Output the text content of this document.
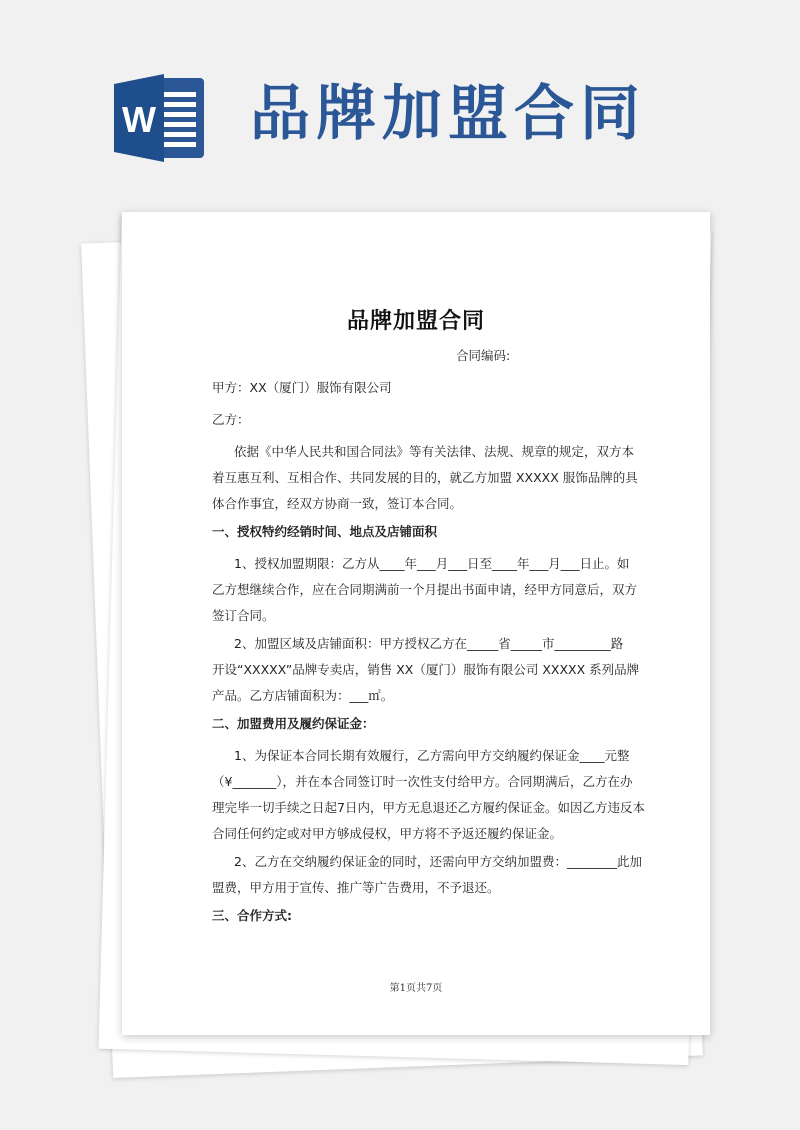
W 品牌加盟合同
品牌加盟合同
合同编码:
甲方：XX（厦门）服饰有限公司
乙方：
依据《中华人民共和国合同法》等有关法律、法规、规章的规定，双方本
着互惠互利、互相合作、共同发展的目的，就乙方加盟 XXXXX 服饰品牌的具
体合作事宜，经双方协商一致，签订本合同。
一、授权特约经销时间、地点及店铺面积
1、授权加盟期限：乙方从____年___月___日至____年___月___日止。如
乙方想继续合作，应在合同期满前一个月提出书面申请，经甲方同意后，双方
签订合同。
2、加盟区域及店铺面积：甲方授权乙方在_____省_____市_________路
开设“XXXXX”品牌专卖店，销售 XX（厦门）服饰有限公司 XXXXX 系列品牌
产品。乙方店铺面积为：___㎡。
二、加盟费用及履约保证金：
1、为保证本合同长期有效履行，乙方需向甲方交纳履约保证金____元整
（¥_______），并在本合同签订时一次性支付给甲方。合同期满后，乙方在办
理完毕一切手续之日起7日内，甲方无息退还乙方履约保证金。如因乙方违反本
合同任何约定或对甲方够成侵权，甲方将不予返还履约保证金。
2、乙方在交纳履约保证金的同时，还需向甲方交纳加盟费：________此加
盟费，甲方用于宣传、推广等广告费用，不予退还。
三、合作方式:
第1页共7页
